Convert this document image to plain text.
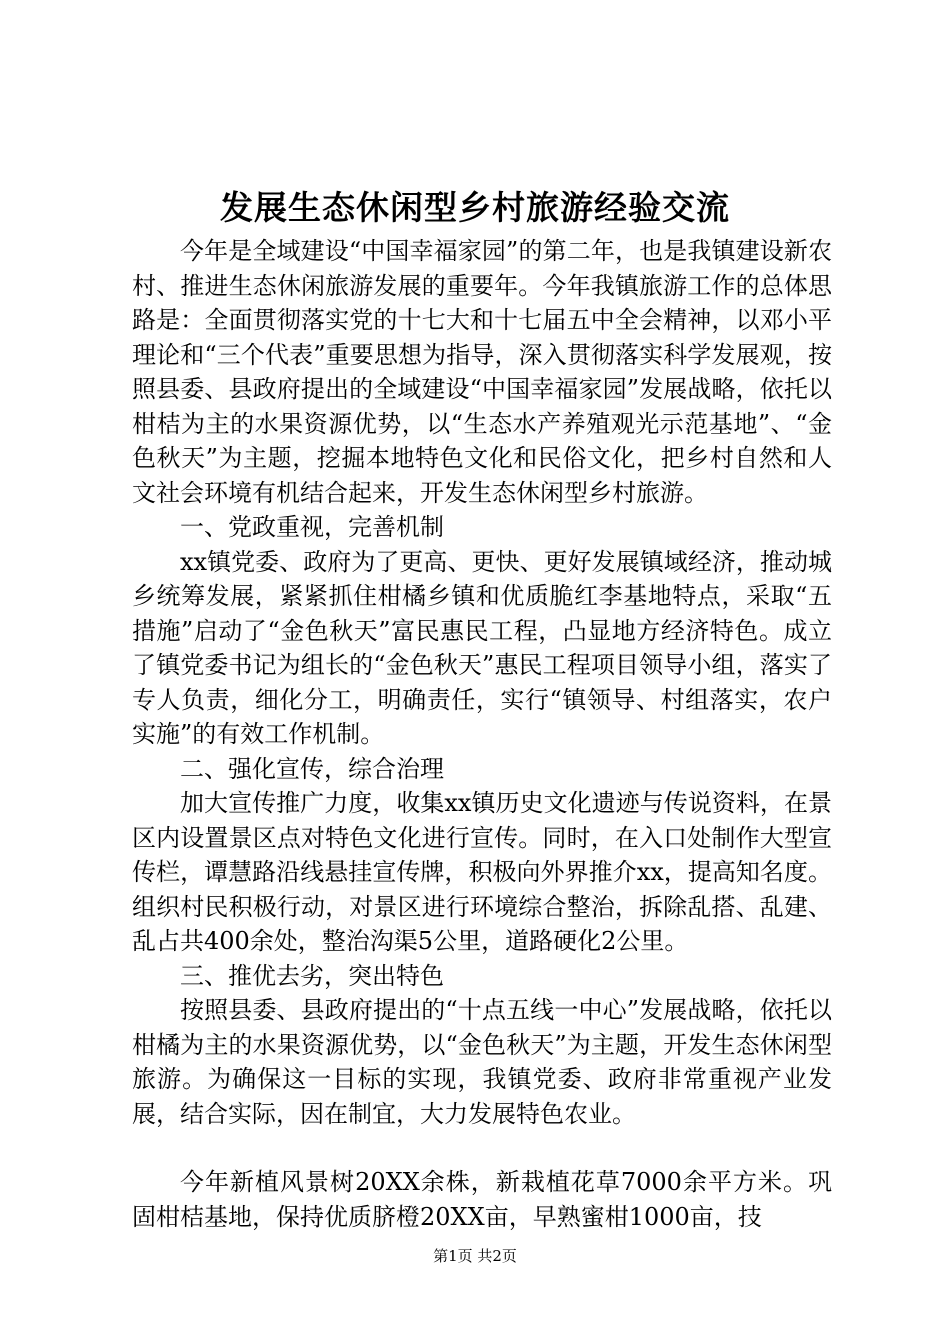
发展生态休闲型乡村旅游经验交流

今年是全域建设“中国幸福家园”的第二年，也是我镇建设新农村、推进生态休闲旅游发展的重要年。今年我镇旅游工作的总体思路是：全面贯彻落实党的十七大和十七届五中全会精神，以邓小平理论和“三个代表”重要思想为指导，深入贯彻落实科学发展观，按照县委、县政府提出的全域建设“中国幸福家园”发展战略，依托以柑桔为主的水果资源优势，以“生态水产养殖观光示范基地”、“金色秋天”为主题，挖掘本地特色文化和民俗文化，把乡村自然和人文社会环境有机结合起来，开发生态休闲型乡村旅游。

一、党政重视，完善机制

xx镇党委、政府为了更高、更快、更好发展镇域经济，推动城乡统筹发展，紧紧抓住柑橘乡镇和优质脆红李基地特点，采取“五措施”启动了“金色秋天”富民惠民工程，凸显地方经济特色。成立了镇党委书记为组长的“金色秋天”惠民工程项目领导小组，落实了专人负责，细化分工，明确责任，实行“镇领导、村组落实，农户实施”的有效工作机制。

二、强化宣传，综合治理

加大宣传推广力度，收集xx镇历史文化遗迹与传说资料，在景区内设置景区点对特色文化进行宣传。同时，在入口处制作大型宣传栏，谭慧路沿线悬挂宣传牌，积极向外界推介xx，提高知名度。组织村民积极行动，对景区进行环境综合整治，拆除乱搭、乱建、乱占共400余处，整治沟渠5公里，道路硬化2公里。

三、推优去劣，突出特色

按照县委、县政府提出的“十点五线一中心”发展战略，依托以柑橘为主的水果资源优势，以“金色秋天”为主题，开发生态休闲型旅游。为确保这一目标的实现，我镇党委、政府非常重视产业发展，结合实际，因在制宜，大力发展特色农业。

今年新植风景树20XX余株，新栽植花草7000余平方米。巩固柑桔基地，保持优质脐橙20XX亩，早熟蜜柑1000亩，技

第1页 共2页
